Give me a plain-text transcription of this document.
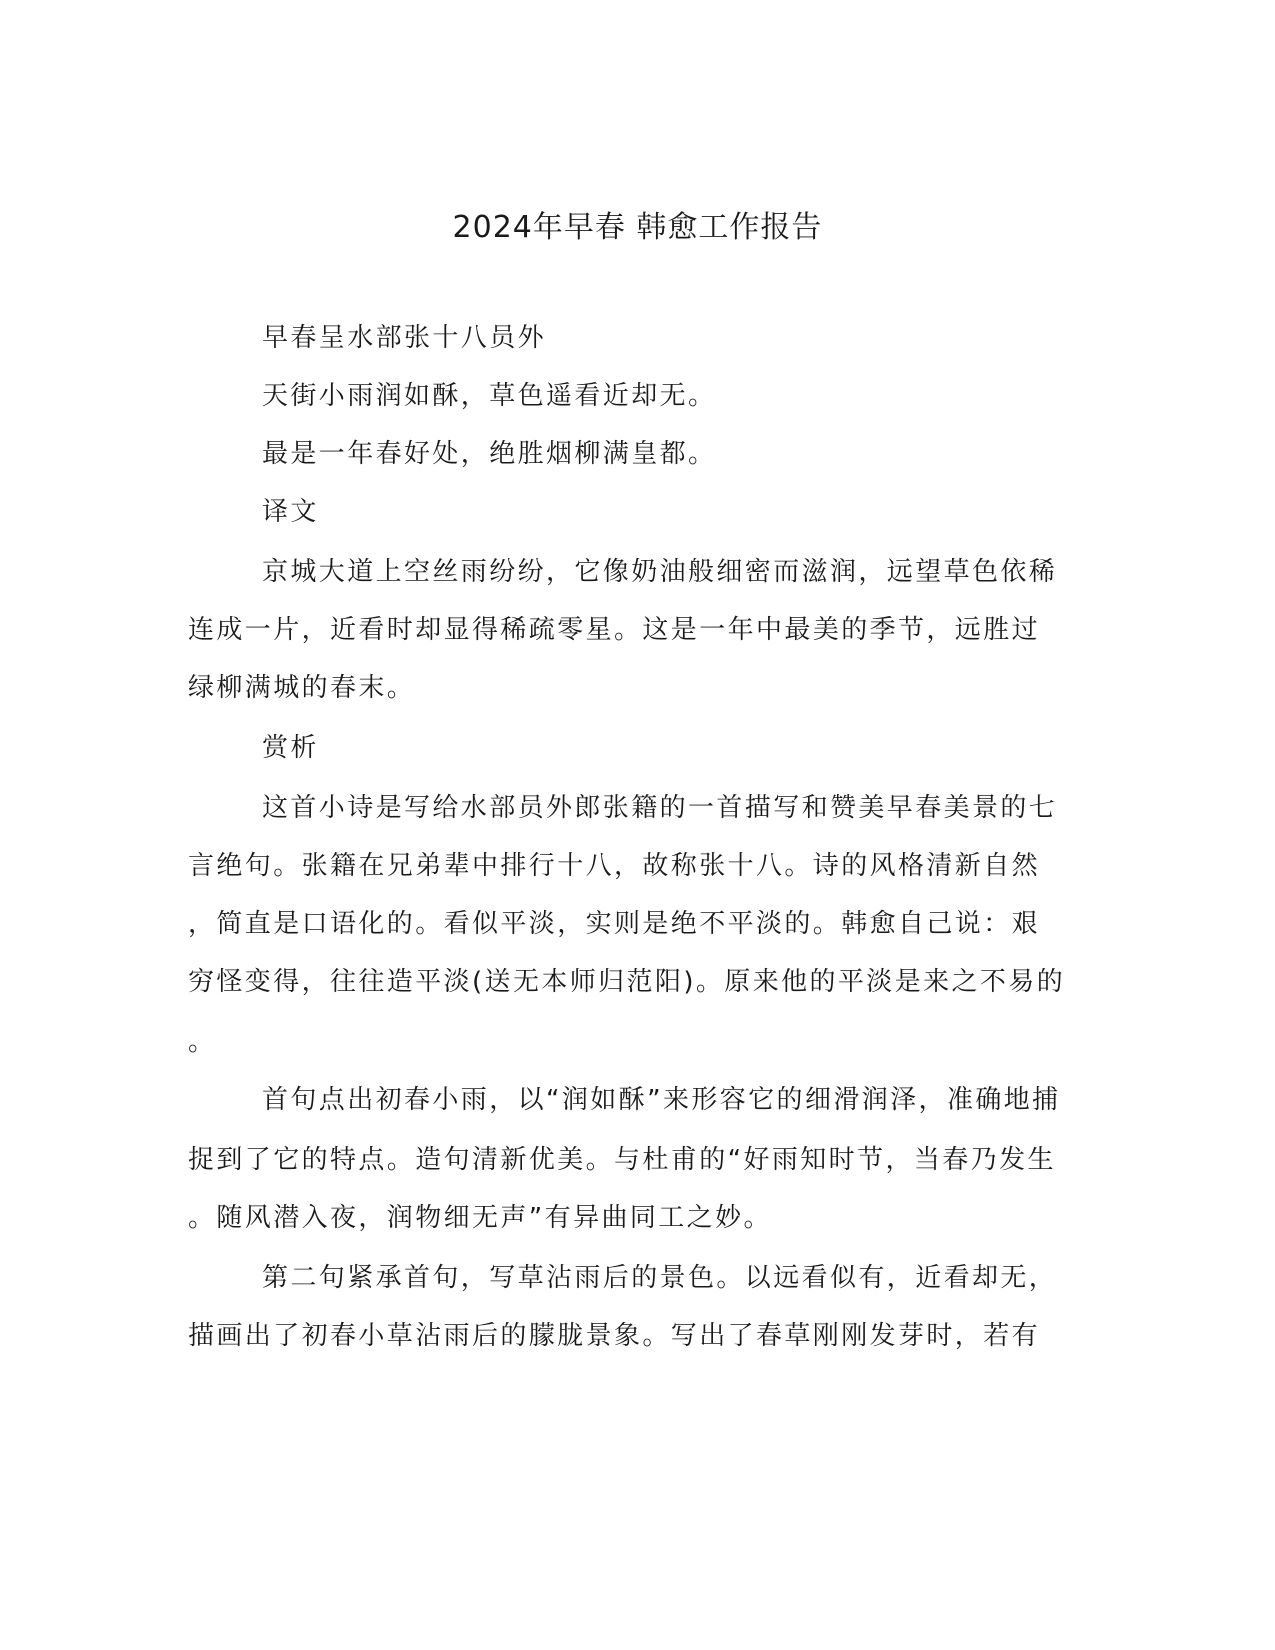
2024年早春 韩愈工作报告
早春呈水部张十八员外
天街小雨润如酥，草色遥看近却无。
最是一年春好处，绝胜烟柳满皇都。
译文
京城大道上空丝雨纷纷，它像奶油般细密而滋润，远望草色依稀
连成一片，近看时却显得稀疏零星。这是一年中最美的季节，远胜过
绿柳满城的春末。
赏析
这首小诗是写给水部员外郎张籍的一首描写和赞美早春美景的七
言绝句。张籍在兄弟辈中排行十八，故称张十八。诗的风格清新自然
，简直是口语化的。看似平淡，实则是绝不平淡的。韩愈自己说：艰
穷怪变得，往往造平淡(送无本师归范阳)。原来他的平淡是来之不易的
。
首句点出初春小雨，以“润如酥”来形容它的细滑润泽，准确地捕
捉到了它的特点。造句清新优美。与杜甫的“好雨知时节，当春乃发生
。随风潜入夜，润物细无声”有异曲同工之妙。
第二句紧承首句，写草沾雨后的景色。以远看似有，近看却无，
描画出了初春小草沾雨后的朦胧景象。写出了春草刚刚发芽时，若有
